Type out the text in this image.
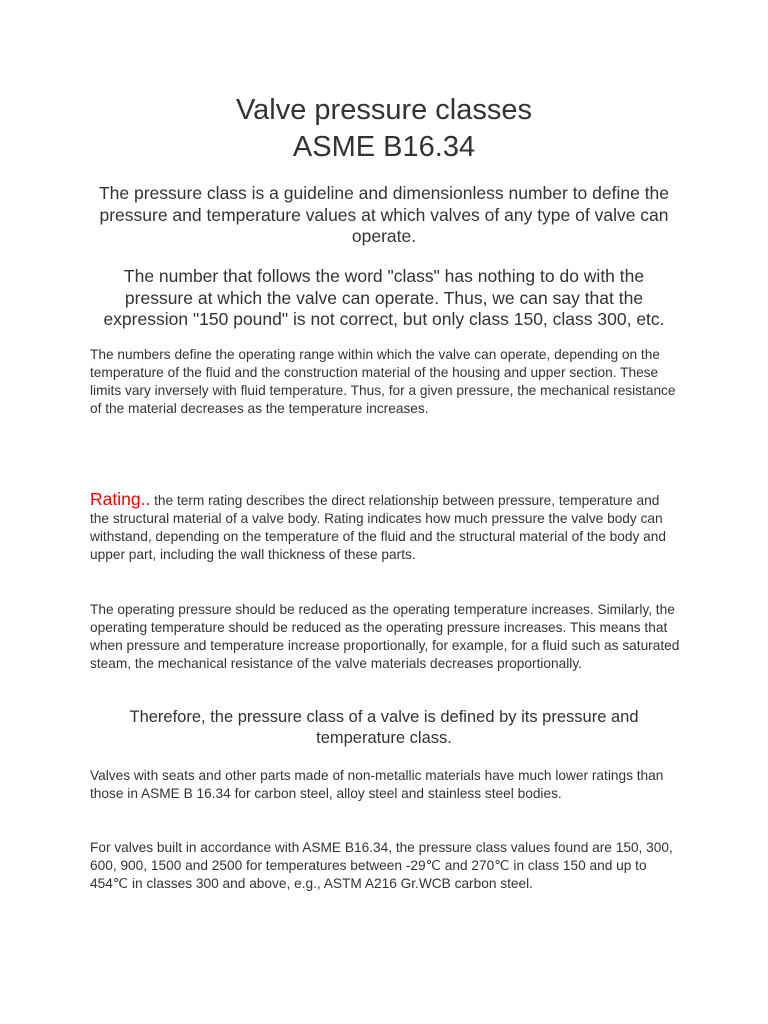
Valve pressure classes
ASME B16.34

The pressure class is a guideline and dimensionless number to define the pressure and temperature values at which valves of any type of valve can operate.

The number that follows the word "class" has nothing to do with the pressure at which the valve can operate. Thus, we can say that the expression "150 pound" is not correct, but only class 150, class 300, etc.

The numbers define the operating range within which the valve can operate, depending on the temperature of the fluid and the construction material of the housing and upper section. These limits vary inversely with fluid temperature. Thus, for a given pressure, the mechanical resistance of the material decreases as the temperature increases.

Rating.. the term rating describes the direct relationship between pressure, temperature and the structural material of a valve body. Rating indicates how much pressure the valve body can withstand, depending on the temperature of the fluid and the structural material of the body and upper part, including the wall thickness of these parts.

The operating pressure should be reduced as the operating temperature increases. Similarly, the operating temperature should be reduced as the operating pressure increases. This means that when pressure and temperature increase proportionally, for example, for a fluid such as saturated steam, the mechanical resistance of the valve materials decreases proportionally.

Therefore, the pressure class of a valve is defined by its pressure and temperature class.

Valves with seats and other parts made of non-metallic materials have much lower ratings than those in ASME B 16.34 for carbon steel, alloy steel and stainless steel bodies.

For valves built in accordance with ASME B16.34, the pressure class values found are 150, 300, 600, 900, 1500 and 2500 for temperatures between -29℃ and 270℃ in class 150 and up to 454℃ in classes 300 and above, e.g., ASTM A216 Gr.WCB carbon steel.
